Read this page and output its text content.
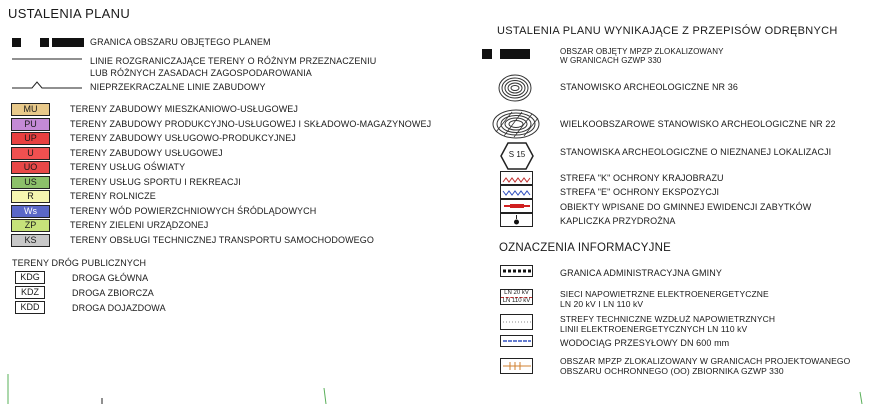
USTALENIA PLANU
GRANICA OBSZARU OBJĘTEGO PLANEM
LINIE ROZGRANICZAJĄCE TERENY O RÓŻNYM PRZEZNACZENIU
LUB RÓŻNYCH ZASADACH ZAGOSPODAROWANIA
NIEPRZEKRACZALNE LINIE ZABUDOWY
MU	TERENY ZABUDOWY MIESZKANIOWO-USŁUGOWEJ
PU	TERENY ZABUDOWY PRODUKCYJNO-USŁUGOWEJ I SKŁADOWO-MAGAZYNOWEJ
UP	TERENY ZABUDOWY USŁUGOWO-PRODUKCYJNEJ
U	TERENY ZABUDOWY USŁUGOWEJ
UO	TERENY USŁUG OŚWIATY
US	TERENY USŁUG SPORTU I REKREACJI
R	TERENY ROLNICZE
Ws	TERENY WÓD POWIERZCHNIOWYCH ŚRÓDLĄDOWYCH
ZP	TERENY ZIELENI URZĄDZONEJ
KS	TERENY OBSŁUGI TECHNICZNEJ TRANSPORTU SAMOCHODOWEGO
TERENY DRÓG PUBLICZNYCH
KDG	DROGA GŁÓWNA
KDZ	DROGA ZBIORCZA
KDD	DROGA DOJAZDOWA
USTALENIA PLANU WYNIKAJĄCE Z PRZEPISÓW ODRĘBNYCH
OBSZAR OBJĘTY MPZP ZLOKALIZOWANY
W GRANICACH GZWP 330
STANOWISKO ARCHEOLOGICZNE NR 36
WIELKOOBSZAROWE STANOWISKO ARCHEOLOGICZNE NR 22
S 15	STANOWISKA ARCHEOLOGICZNE O NIEZNANEJ LOKALIZACJI
STREFA "K" OCHRONY KRAJOBRAZU
STREFA "E" OCHRONY EKSPOZYCJI
OBIEKTY WPISANE DO GMINNEJ EWIDENCJI ZABYTKÓW
KAPLICZKA PRZYDROŻNA
OZNACZENIA INFORMACYJNE
GRANICA ADMINISTRACYJNA GMINY
LN 20 kV
LN 110 kV
SIECI NAPOWIETRZNE ELEKTROENERGETYCZNE
LN 20 kV I LN 110 kV
STREFY TECHNICZNE WZDŁUŻ NAPOWIETRZNYCH
LINII ELEKTROENERGETYCZNYCH LN 110 kV
WODOCIĄG PRZESYŁOWY DN 600 mm
OBSZAR MPZP ZLOKALIZOWANY W GRANICACH PROJEKTOWANEGO
OBSZARU OCHRONNEGO (OO) ZBIORNIKA GZWP 330
